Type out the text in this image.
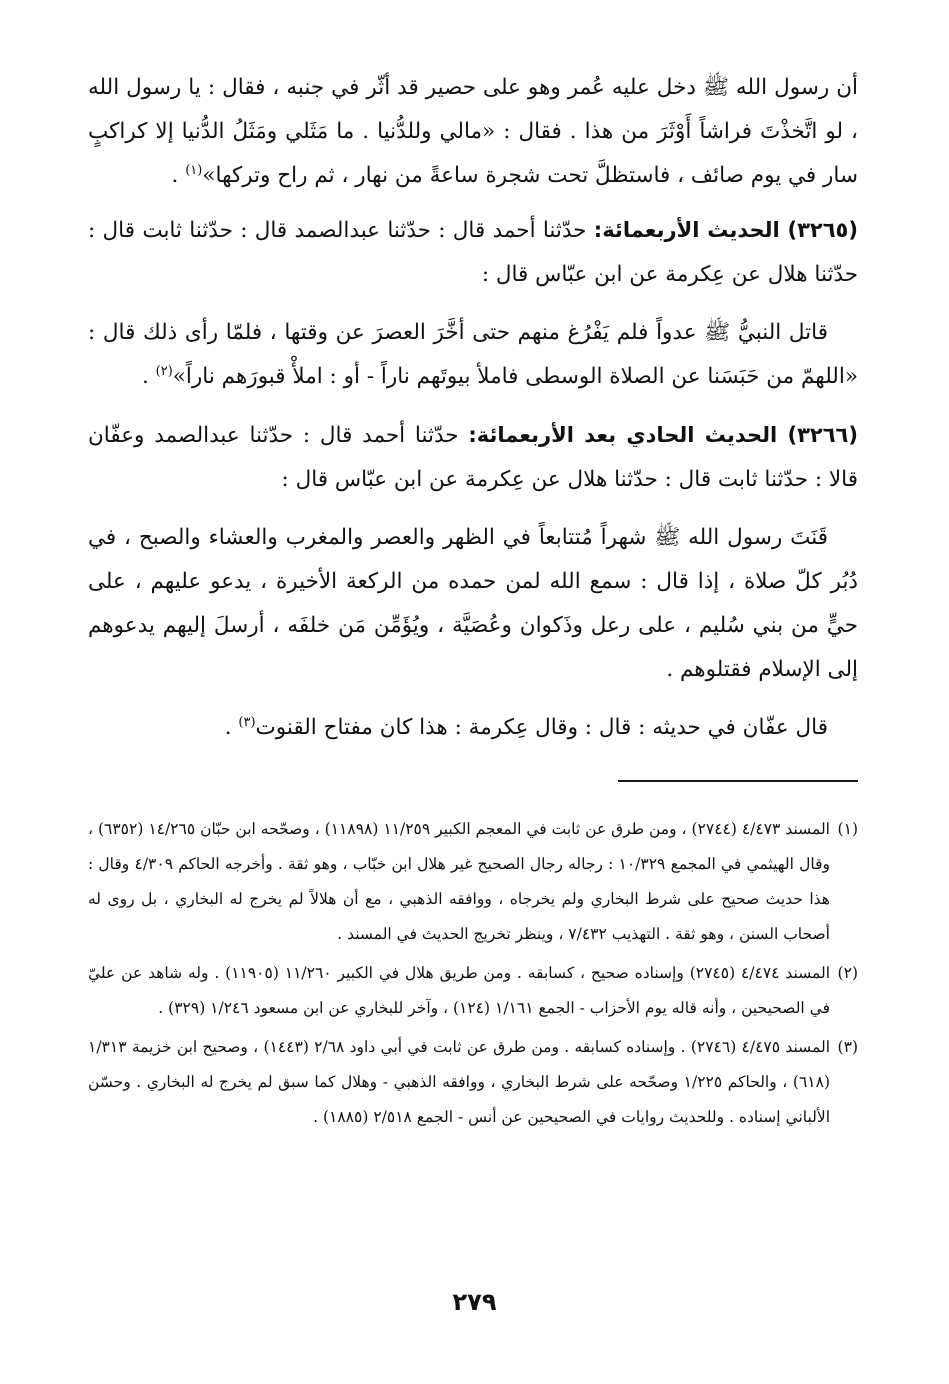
أن رسول الله ﷺ دخل عليه عُمر وهو على حصير قد أثّر في جنبه ، فقال : يا رسول الله ، لو اتَّخذْتَ فراشاً أَوْثَرَ من هذا . فقال : «مالي وللدُّنيا . ما مَثَلي ومَثَلُ الدُّنيا إلا كراكبٍ سار في يوم صائف ، فاستظلَّ تحت شجرة ساعةً من نهار ، ثم راح وتركها»$^{(١)}$ .

(٣٢٦٥) الحديث الأربعمائة: حدّثنا أحمد قال : حدّثنا عبدالصمد قال : حدّثنا ثابت قال : حدّثنا هلال عن عِكرمة عن ابن عبّاس قال :

قاتل النبيُّ ﷺ عدواً فلم يَفْرُغ منهم حتى أخَّرَ العصرَ عن وقتها ، فلمّا رأى ذلك قال : «اللهمّ من حَبَسَنا عن الصلاة الوسطى فاملأ بيوتَهم ناراً - أو : املأْ قبورَهم ناراً»$^{(٢)}$ .

(٣٢٦٦) الحديث الحادي بعد الأربعمائة: حدّثنا أحمد قال : حدّثنا عبدالصمد وعفّان قالا : حدّثنا ثابت قال : حدّثنا هلال عن عِكرمة عن ابن عبّاس قال :

قَنَتَ رسول الله ﷺ شهراً مُتتابعاً في الظهر والعصر والمغرب والعشاء والصبح ، في دُبُر كلّ صلاة ، إذا قال : سمع الله لمن حمده من الركعة الأخيرة ، يدعو عليهم ، على حيٍّ من بني سُليم ، على رعل وذَكوان وعُصَيَّة ، ويُؤَمِّن مَن خلفَه ، أرسلَ إليهم يدعوهم إلى الإسلام فقتلوهم .

قال عفّان في حديثه : قال : وقال عِكرمة : هذا كان مفتاح القنوت$^{(٣)}$ .

(١)
المسند ٤/٤٧٣ (٢٧٤٤) ، ومن طرق عن ثابت في المعجم الكبير ١١/٢٥٩ (١١٨٩٨) ، وصحّحه ابن حبّان ١٤/٢٦٥ (٦٣٥٢) ، وقال الهيثمي في المجمع ١٠/٣٢٩ : رجاله رجال الصحيح غير هلال ابن خبّاب ، وهو ثقة . وأخرجه الحاكم ٤/٣٠٩ وقال : هذا حديث صحيح على شرط البخاري ولم يخرجاه ، ووافقه الذهبي ، مع أن هلالاً لم يخرج له البخاري ، بل روى له أصحاب السنن ، وهو ثقة . التهذيب ٧/٤٣٢ ، وينظر تخريج الحديث في المسند .

(٢)
المسند ٤/٤٧٤ (٢٧٤٥) وإسناده صحيح ، كسابقه . ومن طريق هلال في الكبير ١١/٢٦٠ (١١٩٠٥) . وله شاهد عن عليّ في الصحيحين ، وأنه قاله يوم الأحزاب - الجمع ١/١٦١ (١٢٤) ، وآخر للبخاري عن ابن مسعود ١/٢٤٦ (٣٢٩) .

(٣)
المسند ٤/٤٧٥ (٢٧٤٦) . وإسناده كسابقه . ومن طرق عن ثابت في أبي داود ٢/٦٨ (١٤٤٣) ، وصحيح ابن خزيمة ١/٣١٣ (٦١٨) ، والحاكم ١/٢٢٥ وصحّحه على شرط البخاري ، ووافقه الذهبي - وهلال كما سبق لم يخرج له البخاري . وحسّن الألباني إسناده . وللحديث روايات في الصحيحين عن أنس - الجمع ٢/٥١٨ (١٨٨٥) .

٢٧٩
